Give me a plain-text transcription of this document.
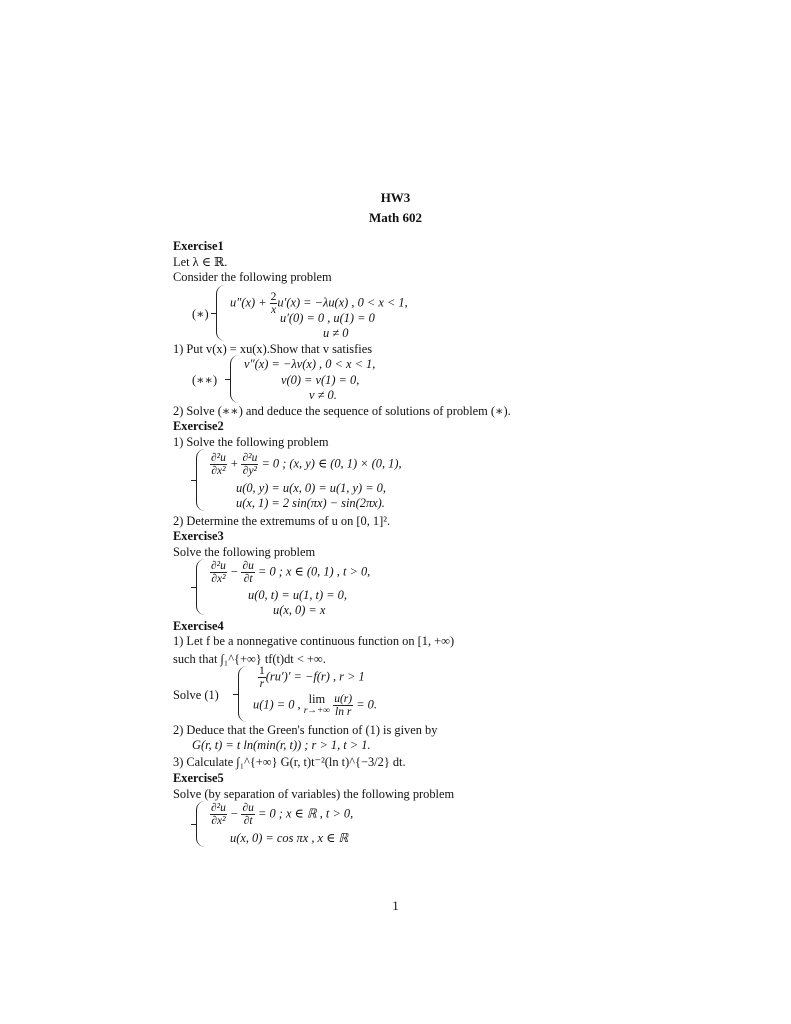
HW3
Math 602
Exercise1
Let λ ∈ ℝ.
Consider the following problem
(∗)
$u''(x) + \frac{2}{x} u'(x) = -\lambda u(x)$ , 0 < x < 1,
u′(0) = 0 , u(1) = 0
u ≠ 0
1) Put v(x) = xu(x).Show that v satisfies
(∗∗)
v″(x) = −λv(x) , 0 < x < 1,
v(0) = v(1) = 0,
v ≠ 0.
2) Solve (∗∗) and deduce the sequence of solutions of problem (∗).
Exercise2
1) Solve the following problem
$\frac{\text{∂²u}}{\text{∂x²}} + \frac{\text{∂²u}}{\text{∂y²}} = 0$ ; (x, y) ∈ (0, 1) × (0, 1),
u(0, y) = u(x, 0) = u(1, y) = 0,
u(x, 1) = 2 sin(πx) − sin(2πx).
2) Determine the extremums of u on [0, 1]².
Exercise3
Solve the following problem
$\frac{\text{∂²u}}{\text{∂x²}} - \frac{\partial u}{\partial t} = 0$ ; x ∈ (0, 1) , t > 0,
u(0, t) = u(1, t) = 0,
u(x, 0) = x
Exercise4
1) Let f be a nonnegative continuous function on [1, +∞)
such that ∫₁^{+∞} tf(t)dt < +∞.
Solve (1)
$\frac{1}{r} (ru')' = -f(r)$ , r > 1
u(1) = 0 , lim
r→+∞
$\frac{u(r)}{\text{ln r}} = 0$.
2) Deduce that the Green's function of (1) is given by
G(r, t) = t ln(min(r, t)) ; r > 1, t > 1.
3) Calculate ∫₁^{+∞} G(r, t)t⁻²(ln t)^{−3/2} dt.
Exercise5
Solve (by separation of variables) the following problem
$\frac{\text{∂²u}}{\text{∂x²}} - \frac{\partial u}{\partial t} = 0$ ; x ∈ ℝ , t > 0,
u(x, 0) = cos πx , x ∈ ℝ
1
